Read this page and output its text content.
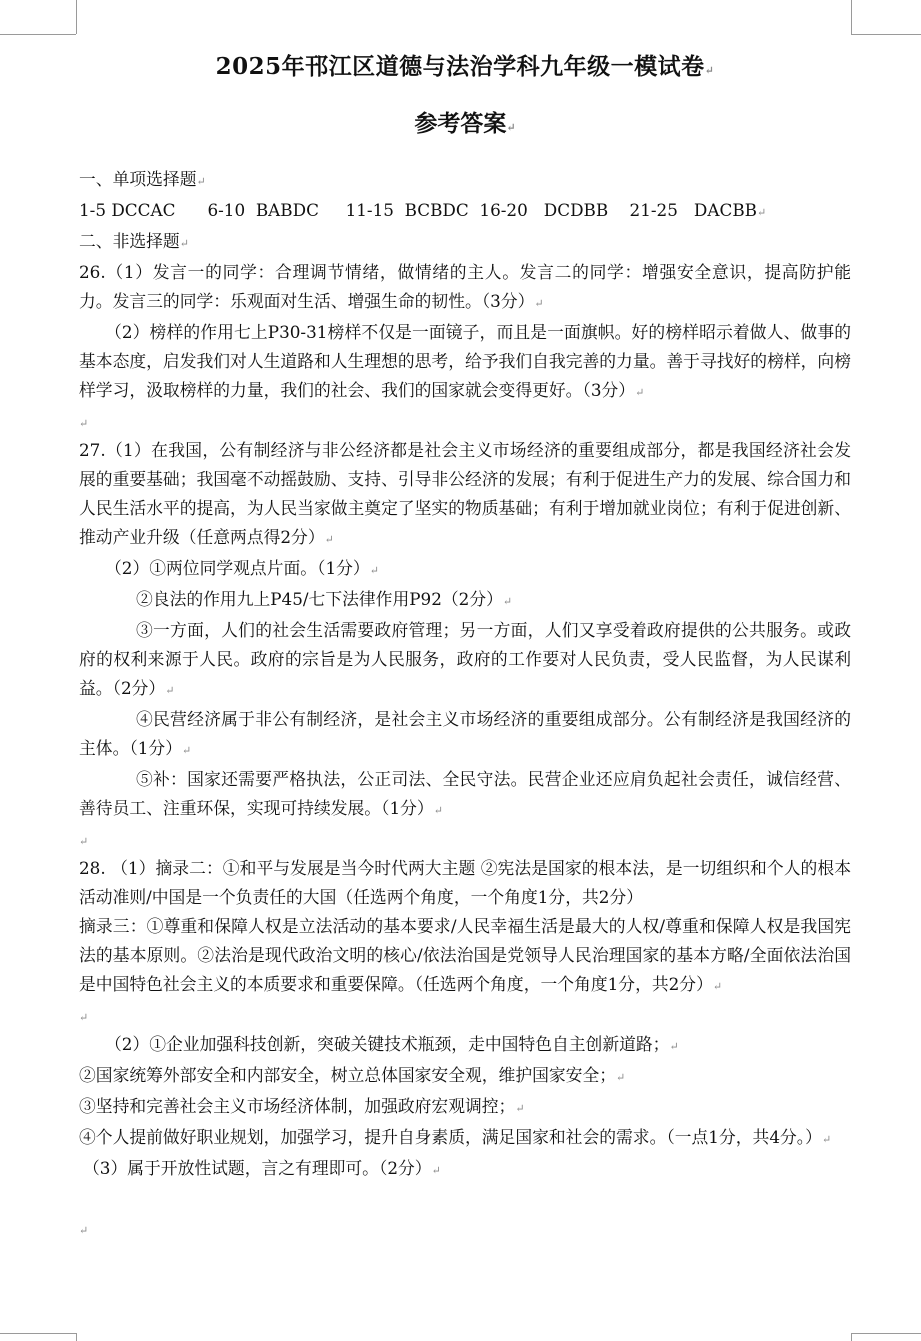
2025年邗江区道德与法治学科九年级一模试卷↵
参考答案↵

一、单项选择题↵

1-5 DCCAC      6-10  BABDC     11-15  BCBDC  16-20   DCDBB    21-25   DACBB↵

二、非选择题↵

26.（1）发言一的同学：合理调节情绪，做情绪的主人。发言二的同学：增强安全意识，提高防护能力。发言三的同学：乐观面对生活、增强生命的韧性。（3分）↵

（2）榜样的作用七上P30-31榜样不仅是一面镜子，而且是一面旗帜。好的榜样昭示着做人、做事的基本态度，启发我们对人生道路和人生理想的思考，给予我们自我完善的力量。善于寻找好的榜样，向榜样学习，汲取榜样的力量，我们的社会、我们的国家就会变得更好。（3分）↵

↵

27.（1）在我国，公有制经济与非公经济都是社会主义市场经济的重要组成部分，都是我国经济社会发展的重要基础；我国毫不动摇鼓励、支持、引导非公经济的发展；有利于促进生产力的发展、综合国力和人民生活水平的提高，为人民当家做主奠定了坚实的物质基础；有利于增加就业岗位；有利于促进创新、推动产业升级（任意两点得2分）↵

（2）①两位同学观点片面。（1分）↵

②良法的作用九上P45/七下法律作用P92（2分）↵

③一方面，人们的社会生活需要政府管理；另一方面，人们又享受着政府提供的公共服务。或政府的权利来源于人民。政府的宗旨是为人民服务，政府的工作要对人民负责，受人民监督，为人民谋利益。（2分）↵

④民营经济属于非公有制经济，是社会主义市场经济的重要组成部分。公有制经济是我国经济的主体。（1分）↵

⑤补：国家还需要严格执法，公正司法、全民守法。民营企业还应肩负起社会责任，诚信经营、善待员工、注重环保，实现可持续发展。（1分）↵

↵

28. （1）摘录二：①和平与发展是当今时代两大主题 ②宪法是国家的根本法，是一切组织和个人的根本活动准则/中国是一个负责任的大国（任选两个角度，一个角度1分，共2分）

摘录三：①尊重和保障人权是立法活动的基本要求/人民幸福生活是最大的人权/尊重和保障人权是我国宪法的基本原则。②法治是现代政治文明的核心/依法治国是党领导人民治理国家的基本方略/全面依法治国是中国特色社会主义的本质要求和重要保障。（任选两个角度，一个角度1分，共2分）↵

↵

（2）①企业加强科技创新，突破关键技术瓶颈，走中国特色自主创新道路；↵

②国家统筹外部安全和内部安全，树立总体国家安全观，维护国家安全；↵

③坚持和完善社会主义市场经济体制，加强政府宏观调控；↵

④个人提前做好职业规划，加强学习，提升自身素质，满足国家和社会的需求。（一点1分，共4分。）↵

（3）属于开放性试题，言之有理即可。（2分）↵

↵
